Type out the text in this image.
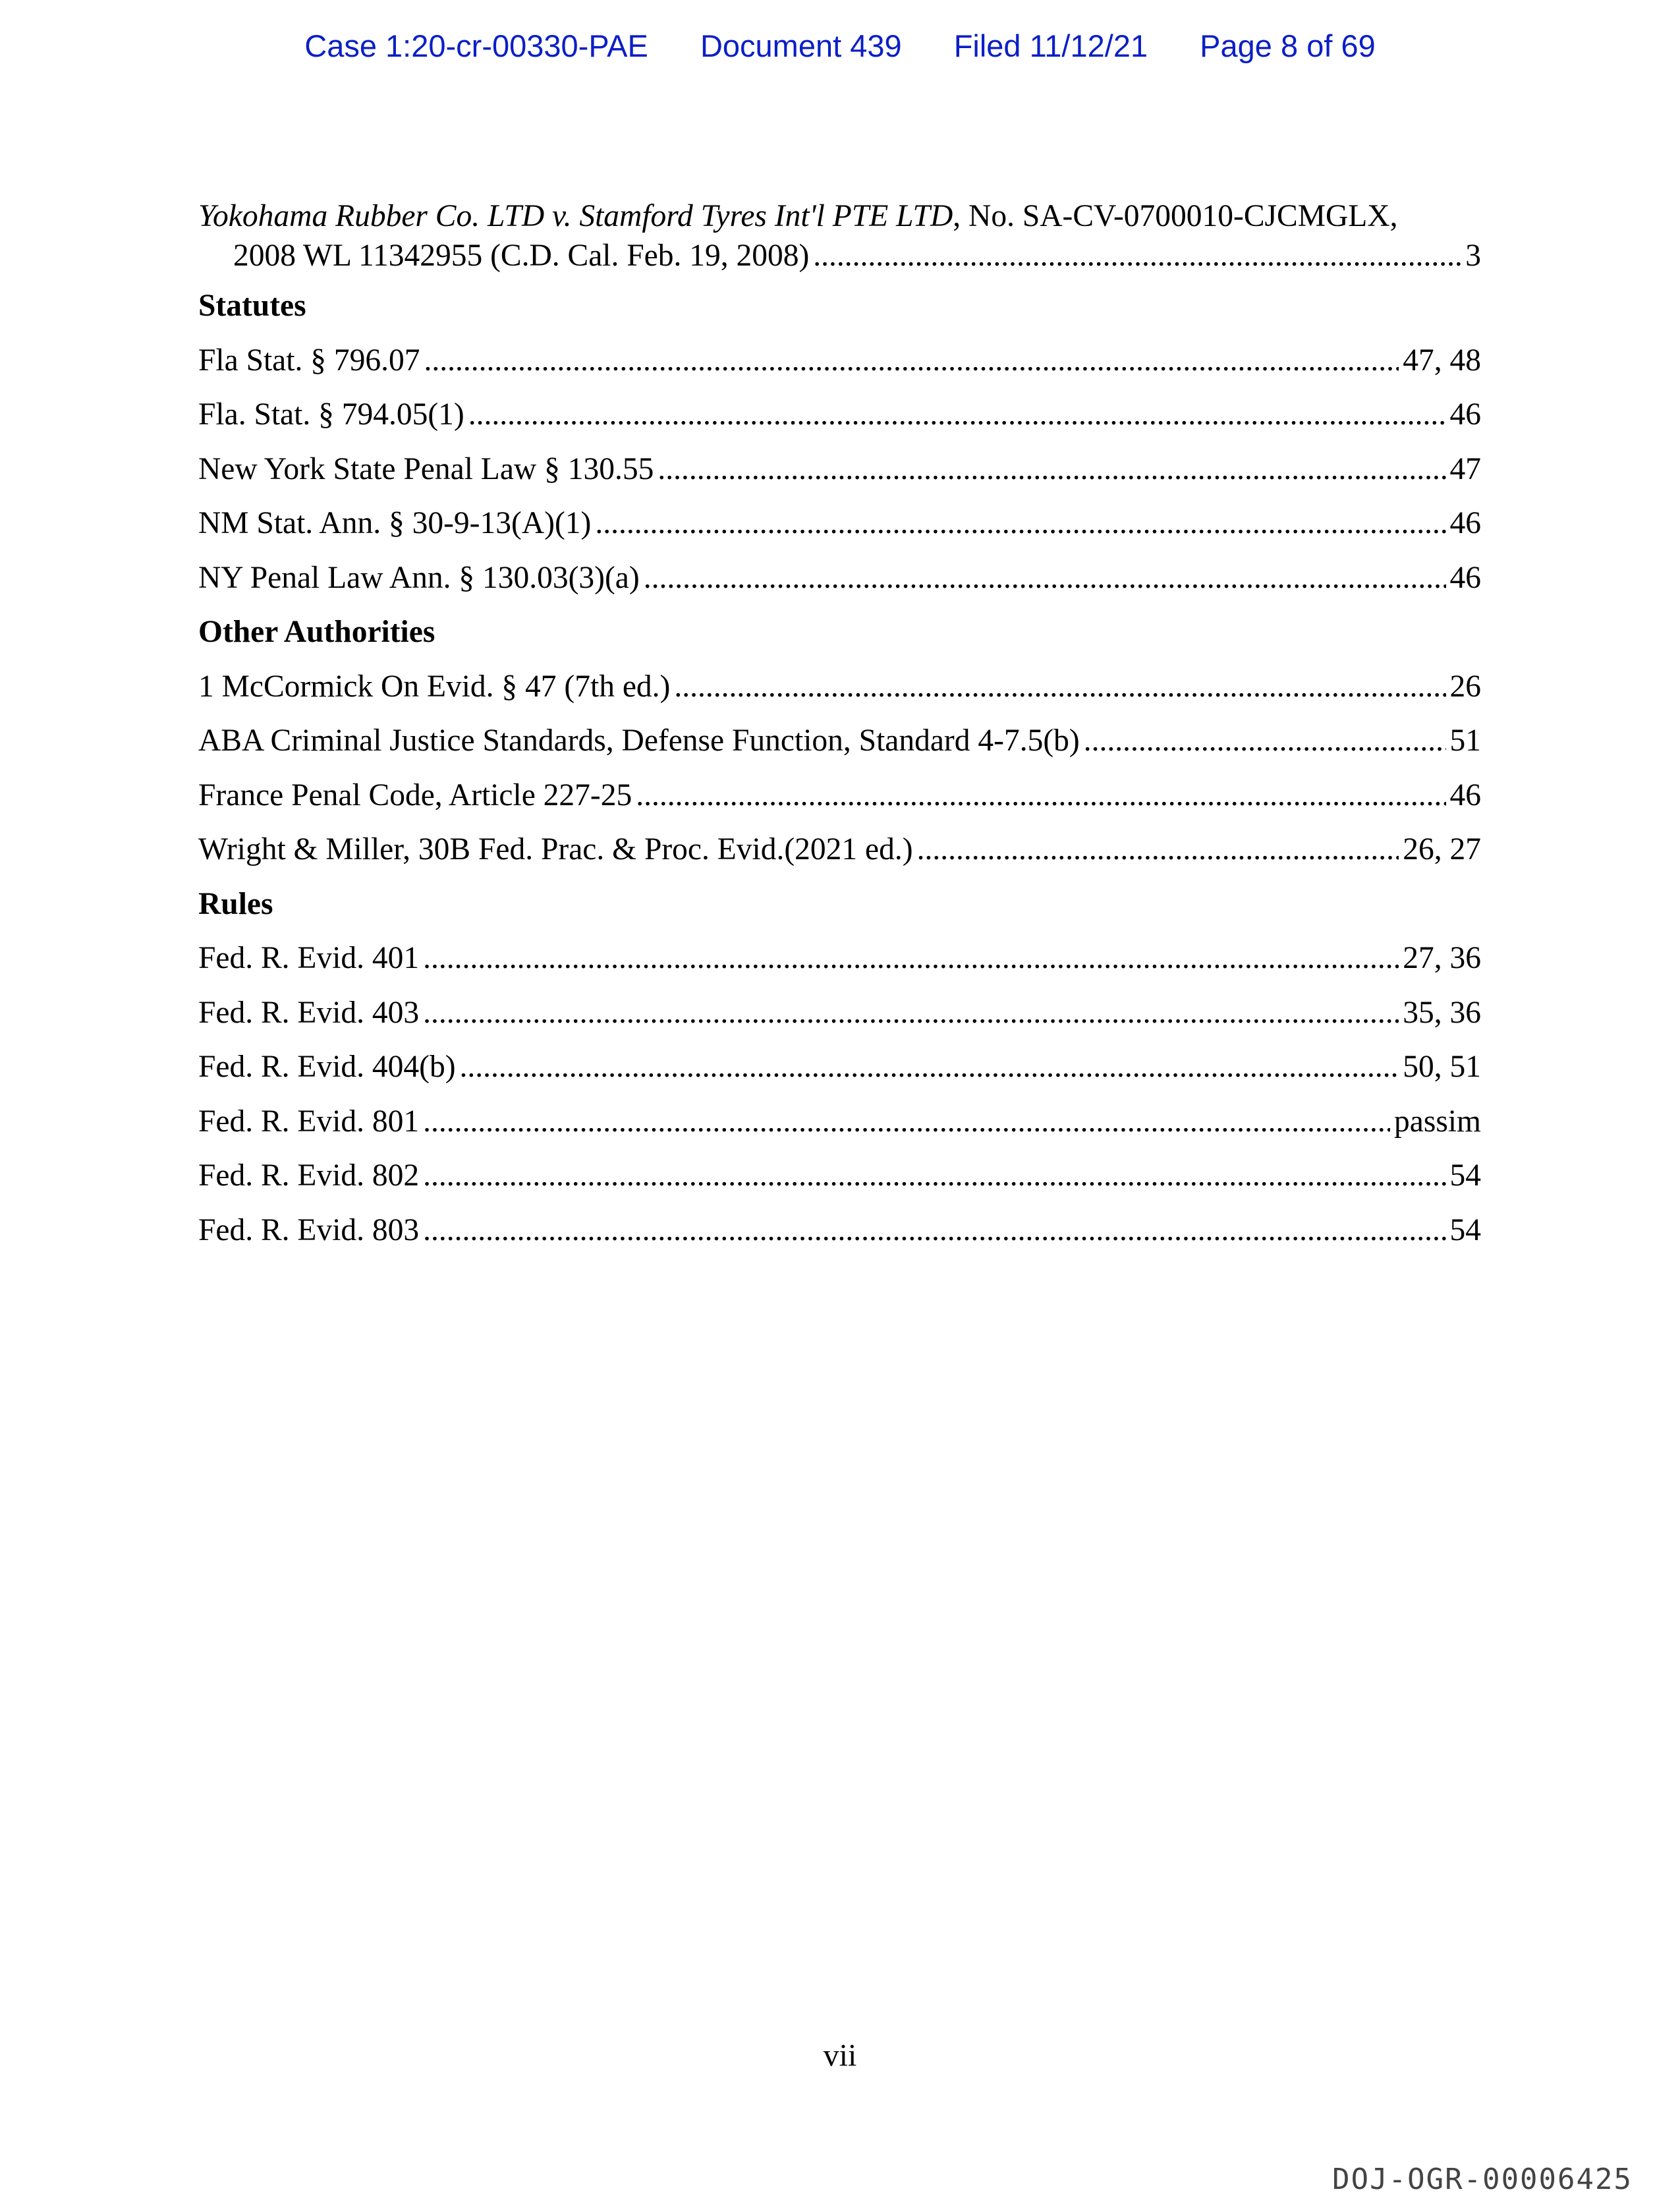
Case 1:20-cr-00330-PAE Document 439 Filed 11/12/21 Page 8 of 69
Yokohama Rubber Co. LTD v. Stamford Tyres Int'l PTE LTD, No. SA-CV-0700010-CJCMGLX,
2008 WL 11342955 (C.D. Cal. Feb. 19, 2008) .....	3
Statutes
Fla Stat. § 796.07 .....	47, 48
Fla. Stat. § 794.05(1) .....	46
New York State Penal Law § 130.55 .....	47
NM Stat. Ann. § 30-9-13(A)(1) .....	46
NY Penal Law Ann. § 130.03(3)(a) .....	46
Other Authorities
1 McCormick On Evid. § 47 (7th ed.) .....	26
ABA Criminal Justice Standards, Defense Function, Standard 4-7.5(b) .....	51
France Penal Code, Article 227-25 .....	46
Wright & Miller, 30B Fed. Prac. & Proc. Evid.(2021 ed.) .....	26, 27
Rules
Fed. R. Evid. 401 .....	27, 36
Fed. R. Evid. 403 .....	35, 36
Fed. R. Evid. 404(b) .....	50, 51
Fed. R. Evid. 801 .....	passim
Fed. R. Evid. 802 .....	54
Fed. R. Evid. 803 .....	54
vii
DOJ-OGR-00006425
